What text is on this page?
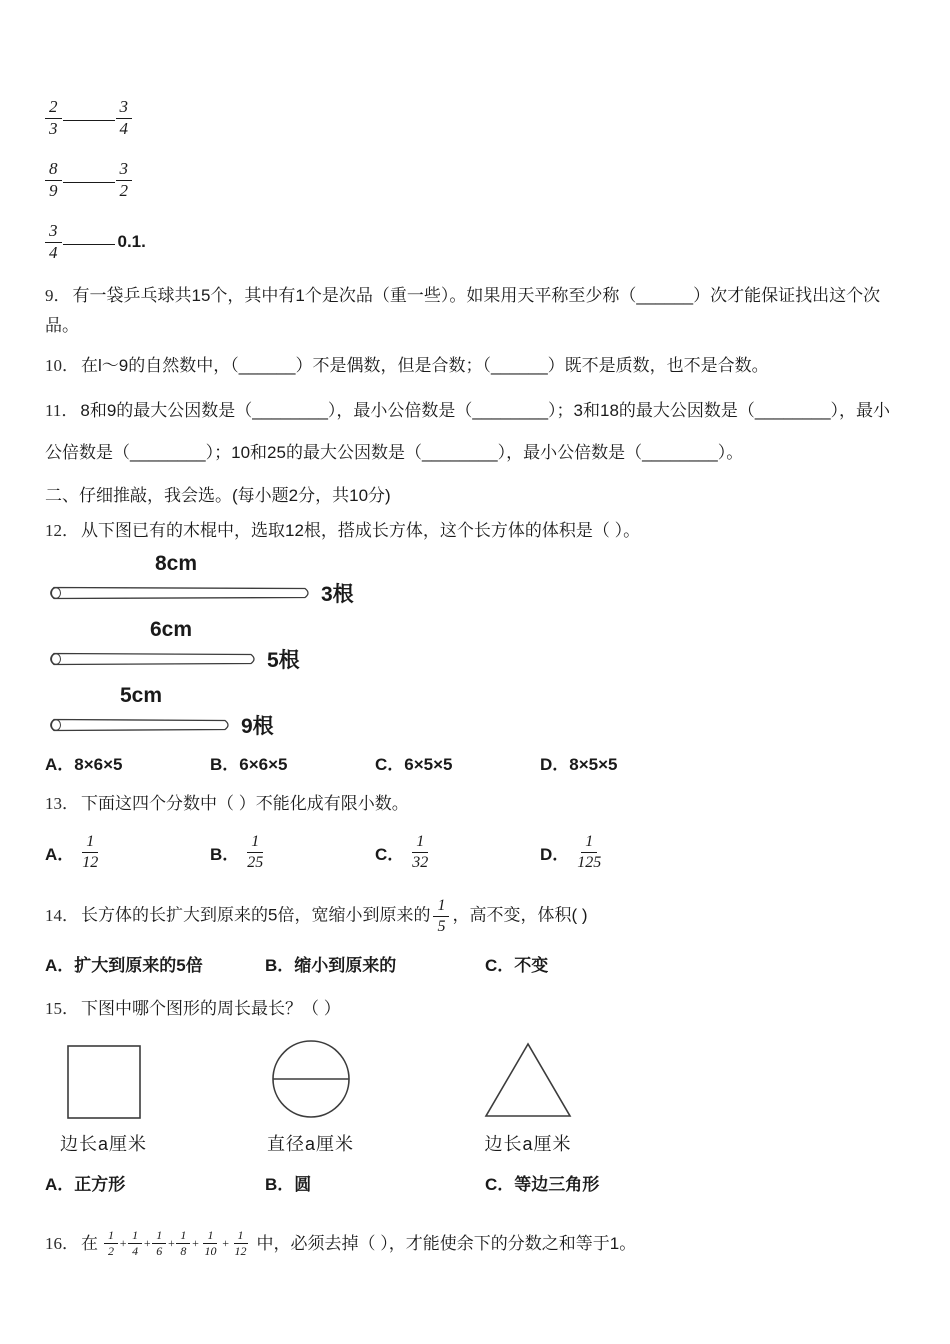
$\frac{2}{3}$	$\frac{3}{4}$
$\frac{8}{9}$	$\frac{3}{2}$
$\frac{3}{4}$	0.1.

9． 有一袋乒乓球共15个，其中有1个是次品（重一些）。如果用天平称至少称（______）次才能保证找出这个次品。

10． 在l～9的自然数中，（______）不是偶数，但是合数；（______）既不是质数，也不是合数。

11． 8和9的最大公因数是（________），最小公倍数是（________）；3和18的最大公因数是（________），最小
公倍数是（________）；10和25的最大公因数是（________），最小公倍数是（________）。

二、仔细推敲，我会选。(每小题2分，共10分)

12． 从下图已有的木棍中，选取12根，搭成长方体，这个长方体的体积是（ ）。

8cm
3根
6cm
5根
5cm
9根
A．8×6×5	B．6×6×5	C．6×5×5	D．8×5×5

13． 下面这四个分数中（ ）不能化成有限小数。

A． $\frac{1}{12}$	B． $\frac{1}{25}$	C． $\frac{1}{32}$	D． $\frac{1}{125}$

14． 长方体的长扩大到原来的5倍，宽缩小到原来的 $\frac{1}{5}$ ，高不变，体积( )

A．扩大到原来的5倍	B．缩小到原来的	C．不变

15． 下图中哪个图形的周长最长？（ ）

边长a厘米	直径a厘米	边长a厘米
A．正方形	B．圆	C．等边三角形

16． 在 $\frac{1}{2} + \frac{1}{4} + \frac{1}{6} + \frac{1}{8} + \frac{1}{10} + \frac{1}{12}$ 中，必须去掉（ ），才能使余下的分数之和等于1。
